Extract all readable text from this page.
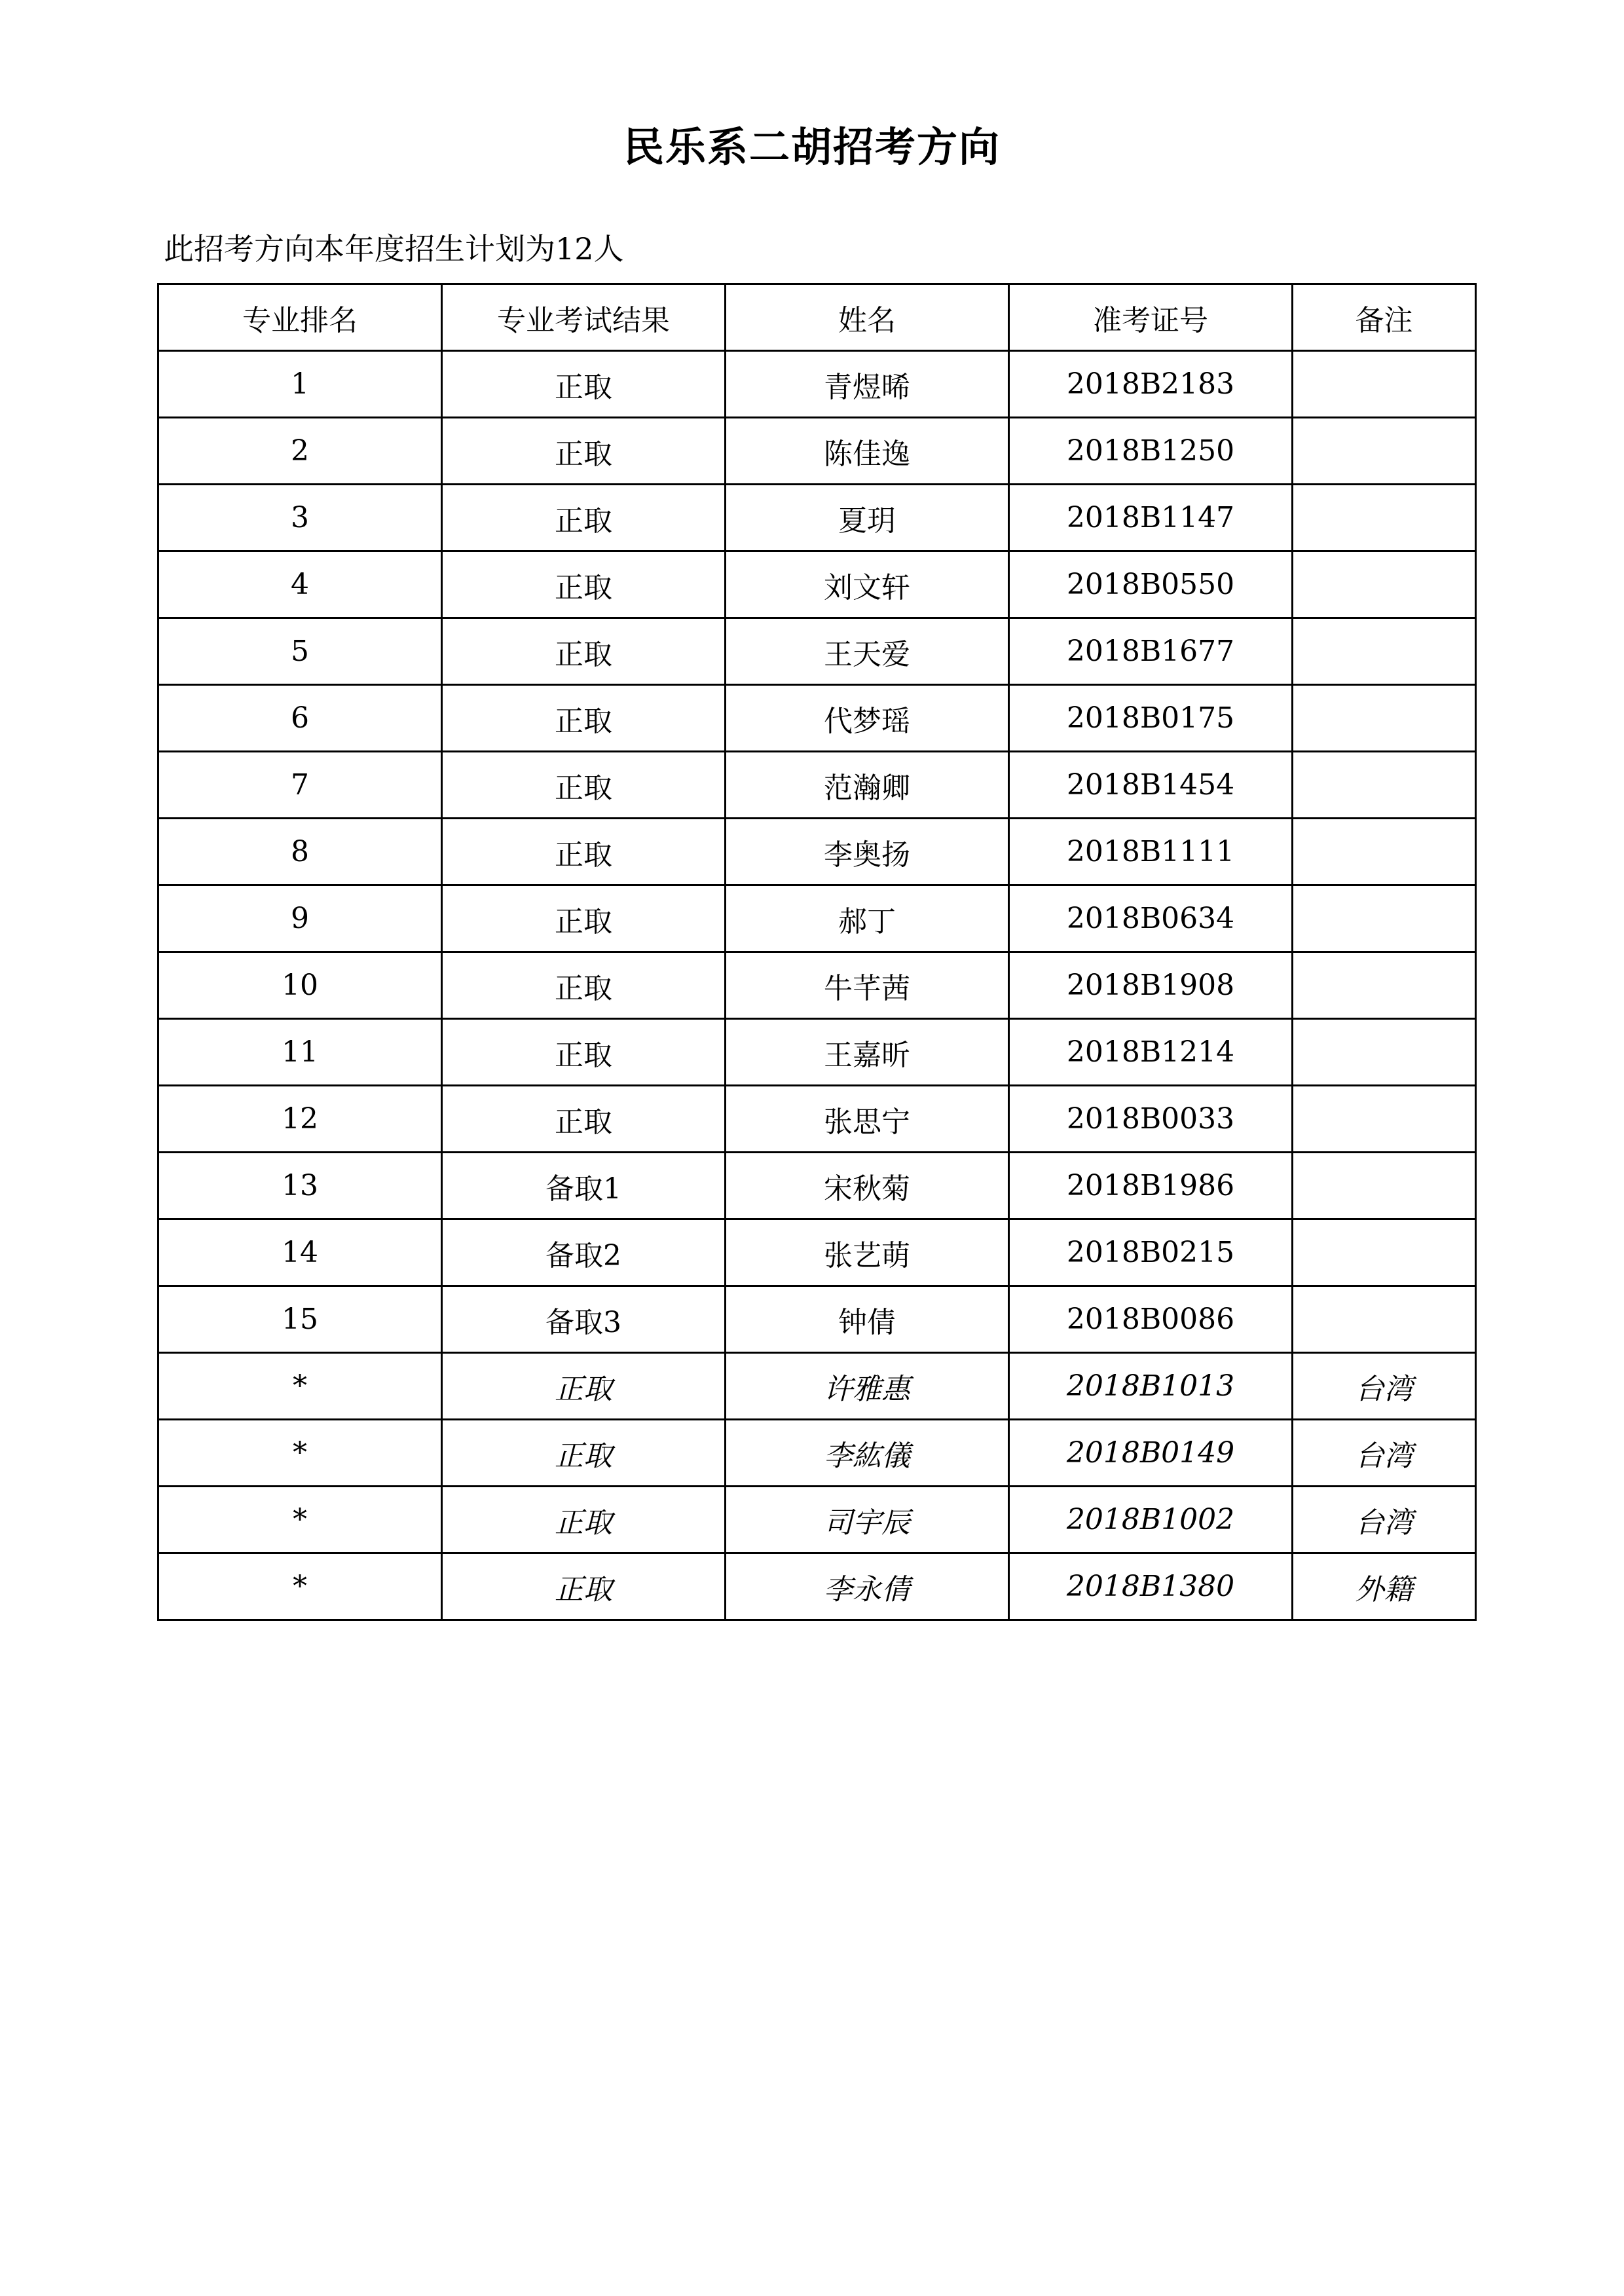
民乐系二胡招考方向
此招考方向本年度招生计划为12人
专业排名	专业考试结果	姓名	准考证号	备注
1	正取	青煜晞	2018B2183	
2	正取	陈佳逸	2018B1250	
3	正取	夏玥	2018B1147	
4	正取	刘文轩	2018B0550	
5	正取	王天爱	2018B1677	
6	正取	代梦瑶	2018B0175	
7	正取	范瀚卿	2018B1454	
8	正取	李奥扬	2018B1111	
9	正取	郝丁	2018B0634	
10	正取	牛芊茜	2018B1908	
11	正取	王嘉昕	2018B1214	
12	正取	张思宁	2018B0033	
13	备取1	宋秋菊	2018B1986	
14	备取2	张艺萌	2018B0215	
15	备取3	钟倩	2018B0086	
*	正取	许雅惠	2018B1013	台湾
*	正取	李紘儀	2018B0149	台湾
*	正取	司宇辰	2018B1002	台湾
*	正取	李永倩	2018B1380	外籍
